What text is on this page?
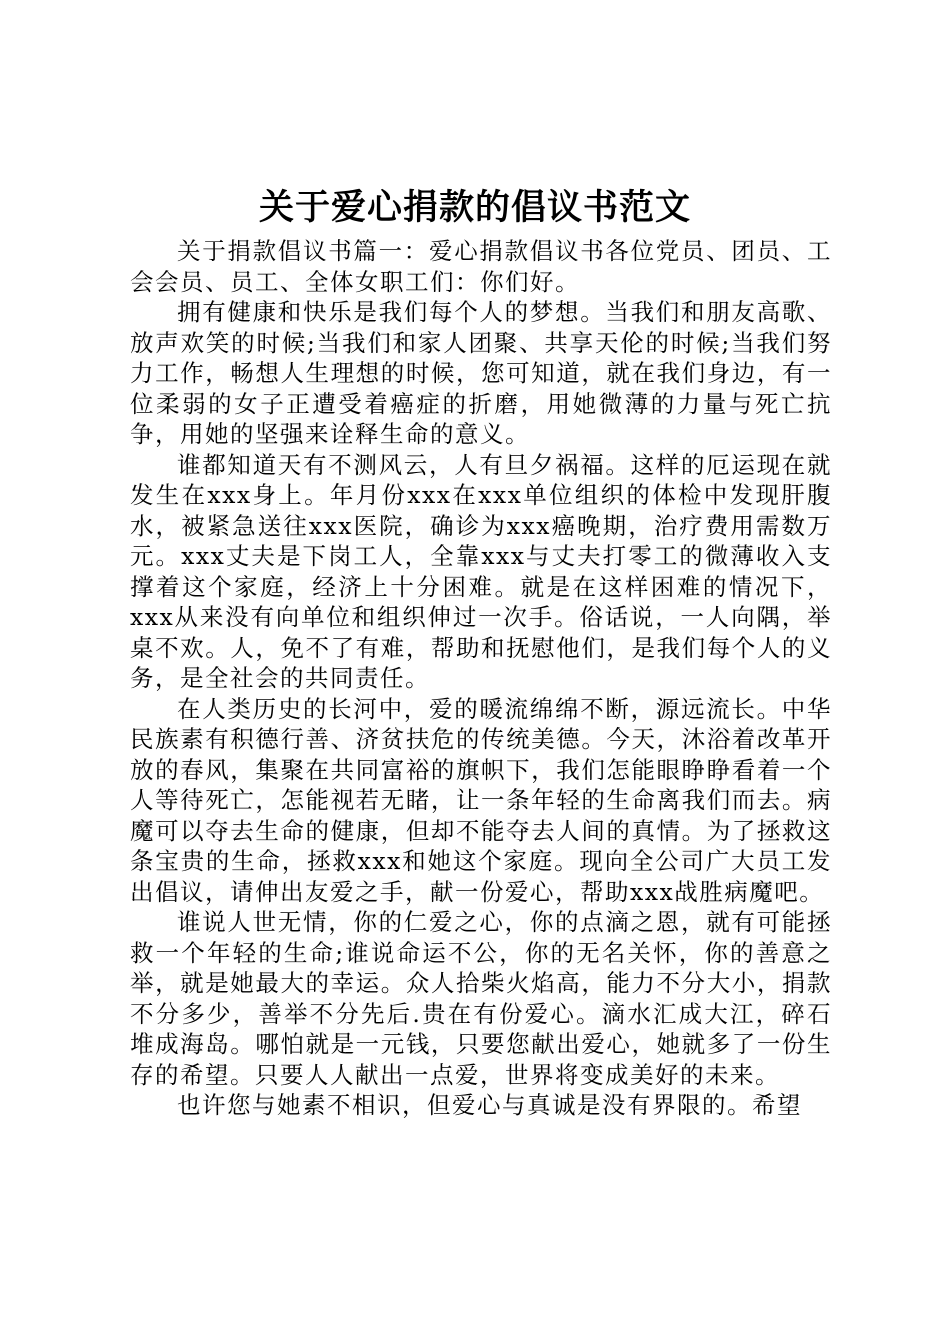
关于爱心捐款的倡议书范文

关于捐款倡议书篇一：爱心捐款倡议书各位党员、团员、工会会员、员工、全体女职工们：你们好。

拥有健康和快乐是我们每个人的梦想。当我们和朋友高歌、放声欢笑的时候;当我们和家人团聚、共享天伦的时候;当我们努力工作，畅想人生理想的时候，您可知道，就在我们身边，有一位柔弱的女子正遭受着癌症的折磨，用她微薄的力量与死亡抗争，用她的坚强来诠释生命的意义。

谁都知道天有不测风云，人有旦夕祸福。这样的厄运现在就发生在xxx身上。年月份xxx在xxx单位组织的体检中发现肝腹水，被紧急送往xxx医院，确诊为xxx癌晚期，治疗费用需数万元。xxx丈夫是下岗工人，全靠xxx与丈夫打零工的微薄收入支撑着这个家庭，经济上十分困难。就是在这样困难的情况下，xxx从来没有向单位和组织伸过一次手。俗话说，一人向隅，举桌不欢。人，免不了有难，帮助和抚慰他们，是我们每个人的义务，是全社会的共同责任。

在人类历史的长河中，爱的暖流绵绵不断，源远流长。中华民族素有积德行善、济贫扶危的传统美德。今天，沐浴着改革开放的春风，集聚在共同富裕的旗帜下，我们怎能眼睁睁看着一个人等待死亡，怎能视若无睹，让一条年轻的生命离我们而去。病魔可以夺去生命的健康，但却不能夺去人间的真情。为了拯救这条宝贵的生命，拯救xxx和她这个家庭。现向全公司广大员工发出倡议，请伸出友爱之手，献一份爱心，帮助xxx战胜病魔吧。

谁说人世无情，你的仁爱之心，你的点滴之恩，就有可能拯救一个年轻的生命;谁说命运不公，你的无名关怀，你的善意之举，就是她最大的幸运。众人拾柴火焰高，能力不分大小，捐款不分多少，善举不分先后.贵在有份爱心。滴水汇成大江，碎石堆成海岛。哪怕就是一元钱，只要您献出爱心，她就多了一份生存的希望。只要人人献出一点爱，世界将变成美好的未来。

也许您与她素不相识，但爱心与真诚是没有界限的。希望
